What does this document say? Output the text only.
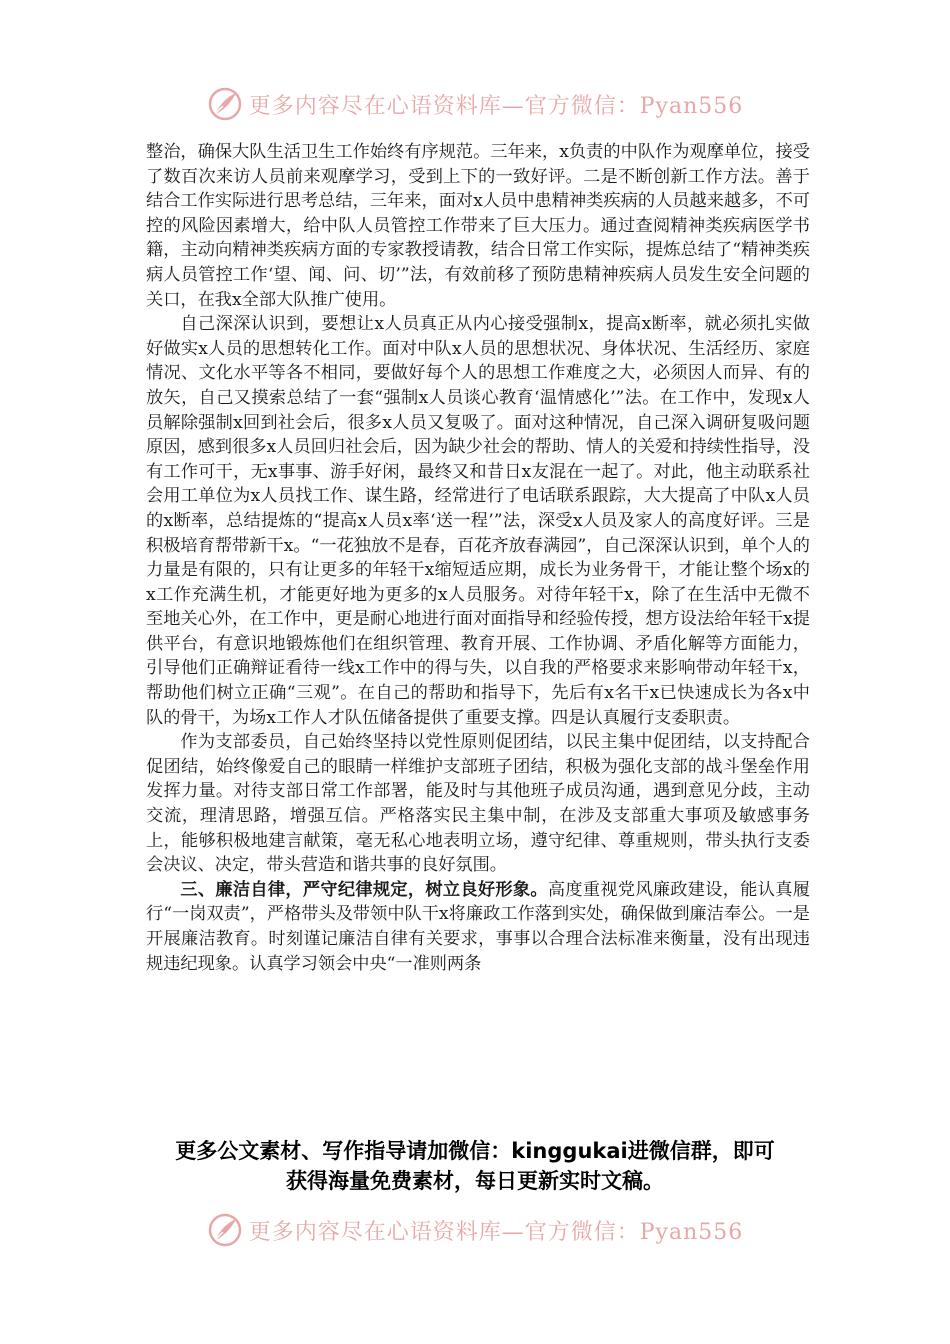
更多内容尽在心语资料库—官方微信：Pyan556

整治，确保大队生活卫生工作始终有序规范。三年来，x负责的中队作为观摩单位，接受了数百次来访人员前来观摩学习，受到上下的一致好评。二是不断创新工作方法。善于结合工作实际进行思考总结，三年来，面对x人员中患精神类疾病的人员越来越多，不可控的风险因素增大，给中队人员管控工作带来了巨大压力。通过查阅精神类疾病医学书籍，主动向精神类疾病方面的专家教授请教，结合日常工作实际，提炼总结了“精神类疾病人员管控工作‘望、闻、问、切’”法，有效前移了预防患精神疾病人员发生安全问题的关口，在我x全部大队推广使用。

自己深深认识到，要想让x人员真正从内心接受强制x，提高x断率，就必须扎实做好做实x人员的思想转化工作。面对中队x人员的思想状况、身体状况、生活经历、家庭情况、文化水平等各不相同，要做好每个人的思想工作难度之大，必须因人而异、有的放矢，自己又摸索总结了一套“强制x人员谈心教育‘温情感化’”法。在工作中，发现x人员解除强制x回到社会后，很多x人员又复吸了。面对这种情况，自己深入调研复吸问题原因，感到很多x人员回归社会后，因为缺少社会的帮助、情人的关爱和持续性指导，没有工作可干，无x事事、游手好闲，最终又和昔日x友混在一起了。对此，他主动联系社会用工单位为x人员找工作、谋生路，经常进行了电话联系跟踪，大大提高了中队x人员的x断率，总结提炼的“提高x人员x率‘送一程’”法，深受x人员及家人的高度好评。三是积极培育帮带新干x。“一花独放不是春，百花齐放春满园”，自己深深认识到，单个人的力量是有限的，只有让更多的年轻干x缩短适应期，成长为业务骨干，才能让整个场x的x工作充满生机，才能更好地为更多的x人员服务。对待年轻干x，除了在生活中无微不至地关心外，在工作中，更是耐心地进行面对面指导和经验传授，想方设法给年轻干x提供平台，有意识地锻炼他们在组织管理、教育开展、工作协调、矛盾化解等方面能力，引导他们正确辩证看待一线x工作中的得与失，以自我的严格要求来影响带动年轻干x，帮助他们树立正确“三观”。在自己的帮助和指导下，先后有x名干x已快速成长为各x中队的骨干，为场x工作人才队伍储备提供了重要支撑。四是认真履行支委职责。

作为支部委员，自己始终坚持以党性原则促团结，以民主集中促团结，以支持配合促团结，始终像爱自己的眼睛一样维护支部班子团结，积极为强化支部的战斗堡垒作用发挥力量。对待支部日常工作部署，能及时与其他班子成员沟通，遇到意见分歧，主动交流，理清思路，增强互信。严格落实民主集中制，在涉及支部重大事项及敏感事务上，能够积极地建言献策，毫无私心地表明立场，遵守纪律、尊重规则，带头执行支委会决议、决定，带头营造和谐共事的良好氛围。

三、廉洁自律，严守纪律规定，树立良好形象。高度重视党风廉政建设，能认真履行“一岗双责”，严格带头及带领中队干x将廉政工作落到实处，确保做到廉洁奉公。一是开展廉洁教育。时刻谨记廉洁自律有关要求，事事以合理合法标准来衡量，没有出现违规违纪现象。认真学习领会中央“一准则两条

更多公文素材、写作指导请加微信：kinggukai进微信群，即可
获得海量免费素材，每日更新实时文稿。
更多内容尽在心语资料库—官方微信：Pyan556
